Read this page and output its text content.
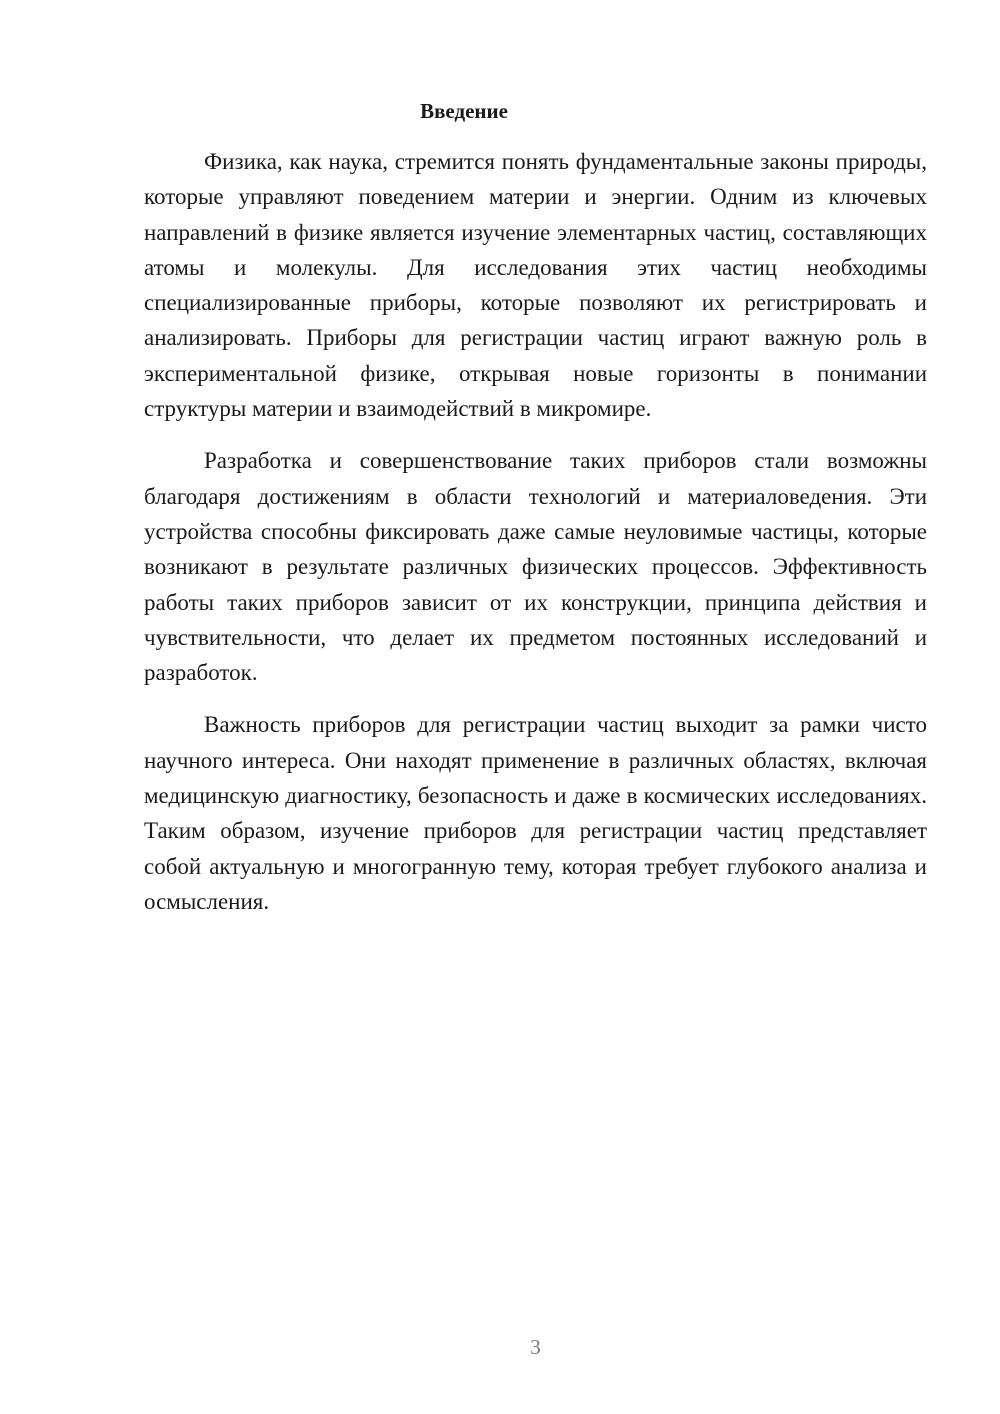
Введение

Физика, как наука, стремится понять фундаментальные законы природы, которые управляют поведением материи и энергии. Одним из ключевых направлений в физике является изучение элементарных частиц, составляющих атомы и молекулы. Для исследования этих частиц необходимы специализированные приборы, которые позволяют их регистрировать и анализировать. Приборы для регистрации частиц играют важную роль в экспериментальной физике, открывая новые горизонты в понимании структуры материи и взаимодействий в микромире.

Разработка и совершенствование таких приборов стали возможны благодаря достижениям в области технологий и материаловедения. Эти устройства способны фиксировать даже самые неуловимые частицы, которые возникают в результате различных физических процессов. Эффективность работы таких приборов зависит от их конструкции, принципа действия и чувствительности, что делает их предметом постоянных исследований и разработок.

Важность приборов для регистрации частиц выходит за рамки чисто научного интереса. Они находят применение в различных областях, включая медицинскую диагностику, безопасность и даже в космических исследованиях. Таким образом, изучение приборов для регистрации частиц представляет собой актуальную и многогранную тему, которая требует глубокого анализа и осмысления.

3
